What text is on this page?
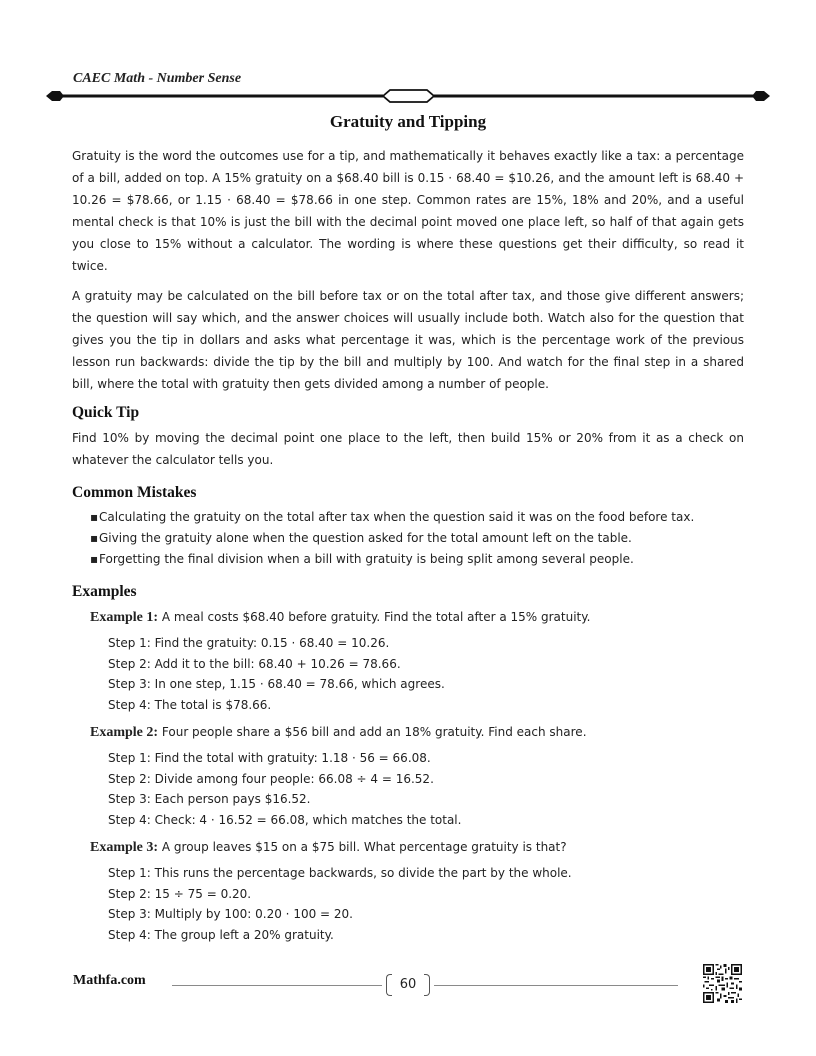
CAEC Math - Number Sense
Gratuity and Tipping

Gratuity is the word the outcomes use for a tip, and mathematically it behaves exactly like a tax: a percentage of a bill, added on top. A 15% gratuity on a $68.40 bill is 0.15 · 68.40 = $10.26, and the amount left is 68.40 + 10.26 = $78.66, or 1.15 · 68.40 = $78.66 in one step. Common rates are 15%, 18% and 20%, and a useful mental check is that 10% is just the bill with the decimal point moved one place left, so half of that again gets you close to 15% without a calculator. The wording is where these questions get their difficulty, so read it twice.

A gratuity may be calculated on the bill before tax or on the total after tax, and those give different answers; the question will say which, and the answer choices will usually include both. Watch also for the question that gives you the tip in dollars and asks what percentage it was, which is the percentage work of the previous lesson run backwards: divide the tip by the bill and multiply by 100. And watch for the final step in a shared bill, where the total with gratuity then gets divided among a number of people.

Quick Tip

Find 10% by moving the decimal point one place to the left, then build 15% or 20% from it as a check on whatever the calculator tells you.

Common Mistakes
▪ Calculating the gratuity on the total after tax when the question said it was on the food before tax.
▪ Giving the gratuity alone when the question asked for the total amount left on the table.
▪ Forgetting the final division when a bill with gratuity is being split among several people.
Examples
Example 1: A meal costs $68.40 before gratuity. Find the total after a 15% gratuity.
Step 1: Find the gratuity: 0.15 · 68.40 = 10.26.
Step 2: Add it to the bill: 68.40 + 10.26 = 78.66.
Step 3: In one step, 1.15 · 68.40 = 78.66, which agrees.
Step 4: The total is $78.66.
Example 2: Four people share a $56 bill and add an 18% gratuity. Find each share.
Step 1: Find the total with gratuity: 1.18 · 56 = 66.08.
Step 2: Divide among four people: 66.08 ÷ 4 = 16.52.
Step 3: Each person pays $16.52.
Step 4: Check: 4 · 16.52 = 66.08, which matches the total.
Example 3: A group leaves $15 on a $75 bill. What percentage gratuity is that?
Step 1: This runs the percentage backwards, so divide the part by the whole.
Step 2: 15 ÷ 75 = 0.20.
Step 3: Multiply by 100: 0.20 · 100 = 20.
Step 4: The group left a 20% gratuity.
Mathfa.com	60
